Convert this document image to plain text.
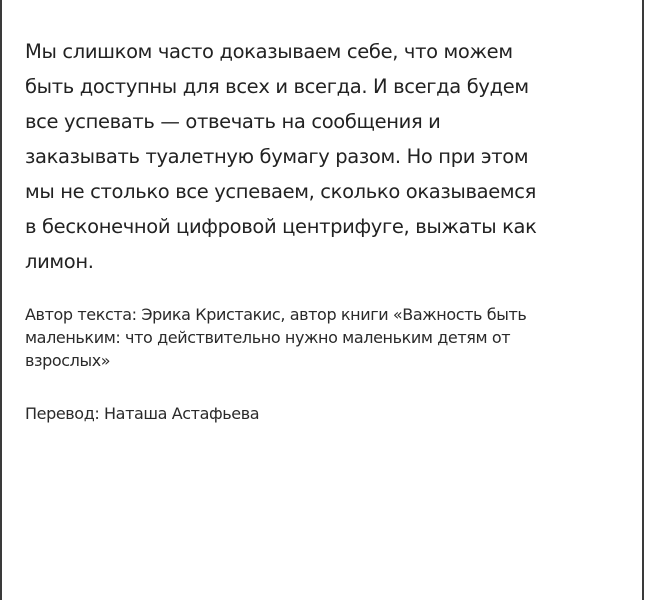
Мы слишком часто доказываем себе, что можем
быть доступны для всех и всегда. И всегда будем
все успевать — отвечать на сообщения и
заказывать туалетную бумагу разом. Но при этом
мы не столько все успеваем, сколько оказываемся
в бесконечной цифровой центрифуге, выжаты как
лимон.

Автор текста: Эрика Кристакис, автор книги «Важность быть
маленьким: что действительно нужно маленьким детям от
взрослых»

Перевод: Наташа Астафьева
